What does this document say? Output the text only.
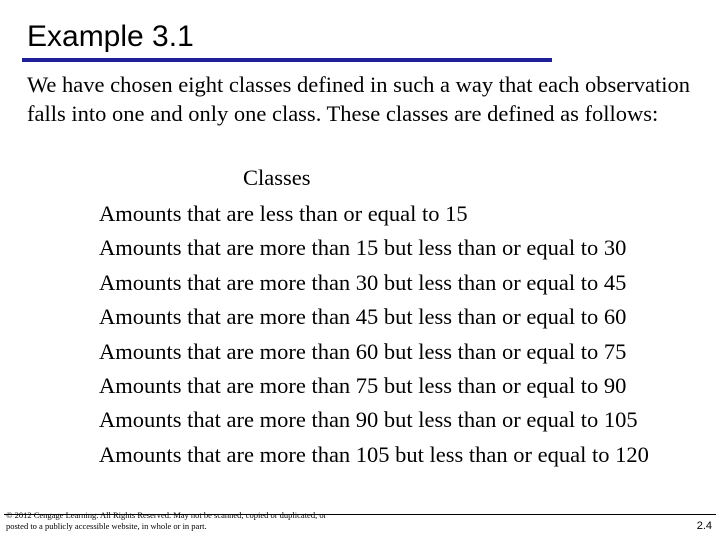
Example 3.1
We have chosen eight classes defined in such a way that each observation falls into one and only one class. These classes are defined as follows:
Classes
Amounts that are less than or equal to 15
Amounts that are more than 15 but less than or equal to 30
Amounts that are more than 30 but less than or equal to 45
Amounts that are more than 45 but less than or equal to 60
Amounts that are more than 60 but less than or equal to 75
Amounts that are more than 75 but less than or equal to 90
Amounts that are more than 90 but less than or equal to 105
Amounts that are more than 105 but less than or equal to 120
© 2012 Cengage Learning. All Rights Reserved. May not be scanned, copied or duplicated, or posted to a publicly accessible website, in whole or in part.	2.4
